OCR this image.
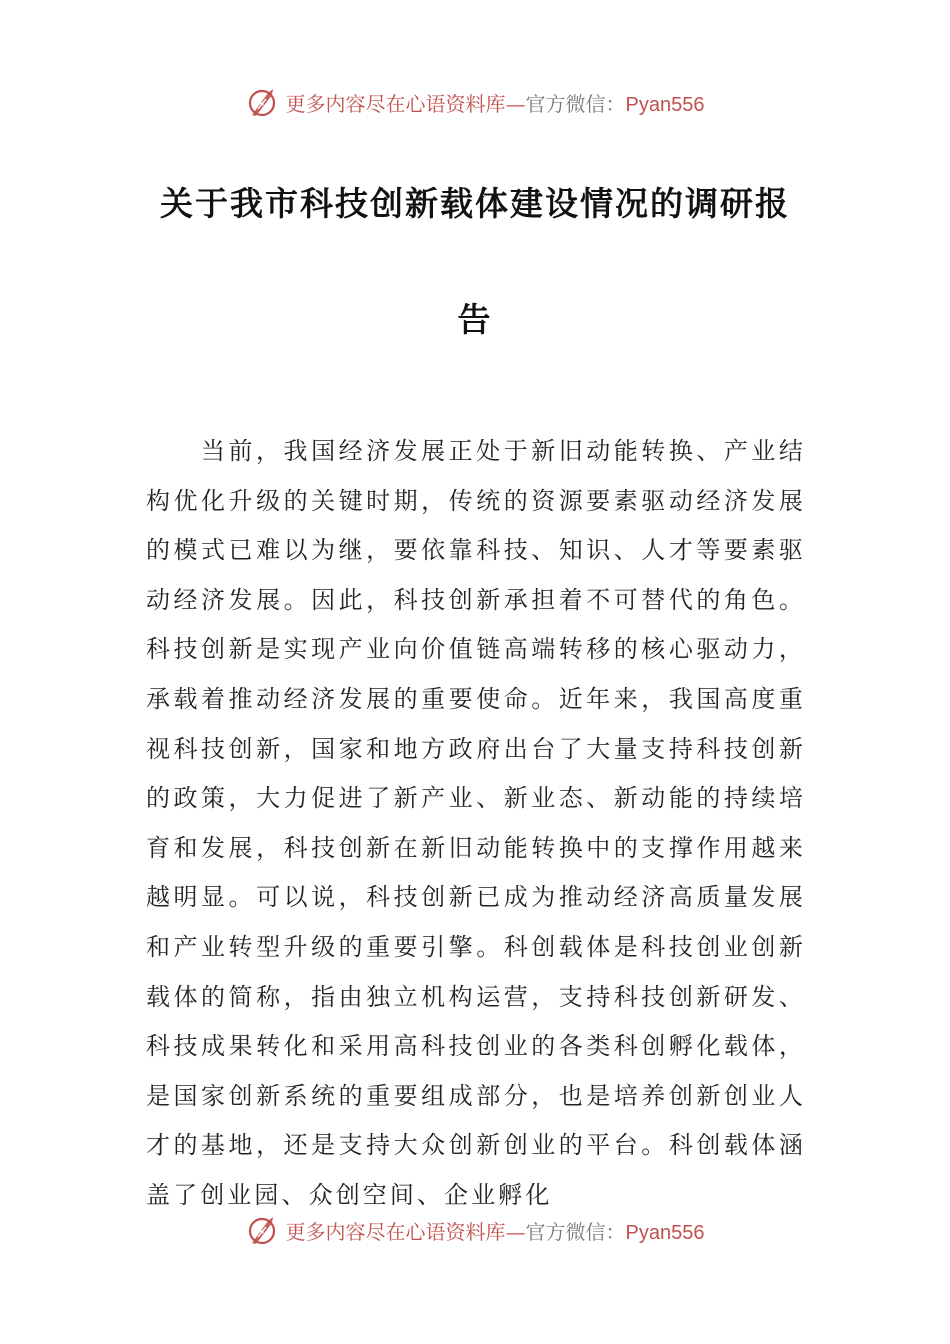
更多内容尽在心语资料库—官方微信：Pyan556
关于我市科技创新载体建设情况的调研报
告

当前，我国经济发展正处于新旧动能转换、产业结构优化升级的关键时期，传统的资源要素驱动经济发展的模式已难以为继，要依靠科技、知识、人才等要素驱动经济发展。因此，科技创新承担着不可替代的角色。科技创新是实现产业向价值链高端转移的核心驱动力，承载着推动经济发展的重要使命。近年来，我国高度重视科技创新，国家和地方政府出台了大量支持科技创新的政策，大力促进了新产业、新业态、新动能的持续培育和发展，科技创新在新旧动能转换中的支撑作用越来越明显。可以说，科技创新已成为推动经济高质量发展和产业转型升级的重要引擎。科创载体是科技创业创新载体的简称，指由独立机构运营，支持科技创新研发、科技成果转化和采用高科技创业的各类科创孵化载体，是国家创新系统的重要组成部分，也是培养创新创业人才的基地，还是支持大众创新创业的平台。科创载体涵盖了创业园、众创空间、企业孵化

更多内容尽在心语资料库—官方微信：Pyan556
